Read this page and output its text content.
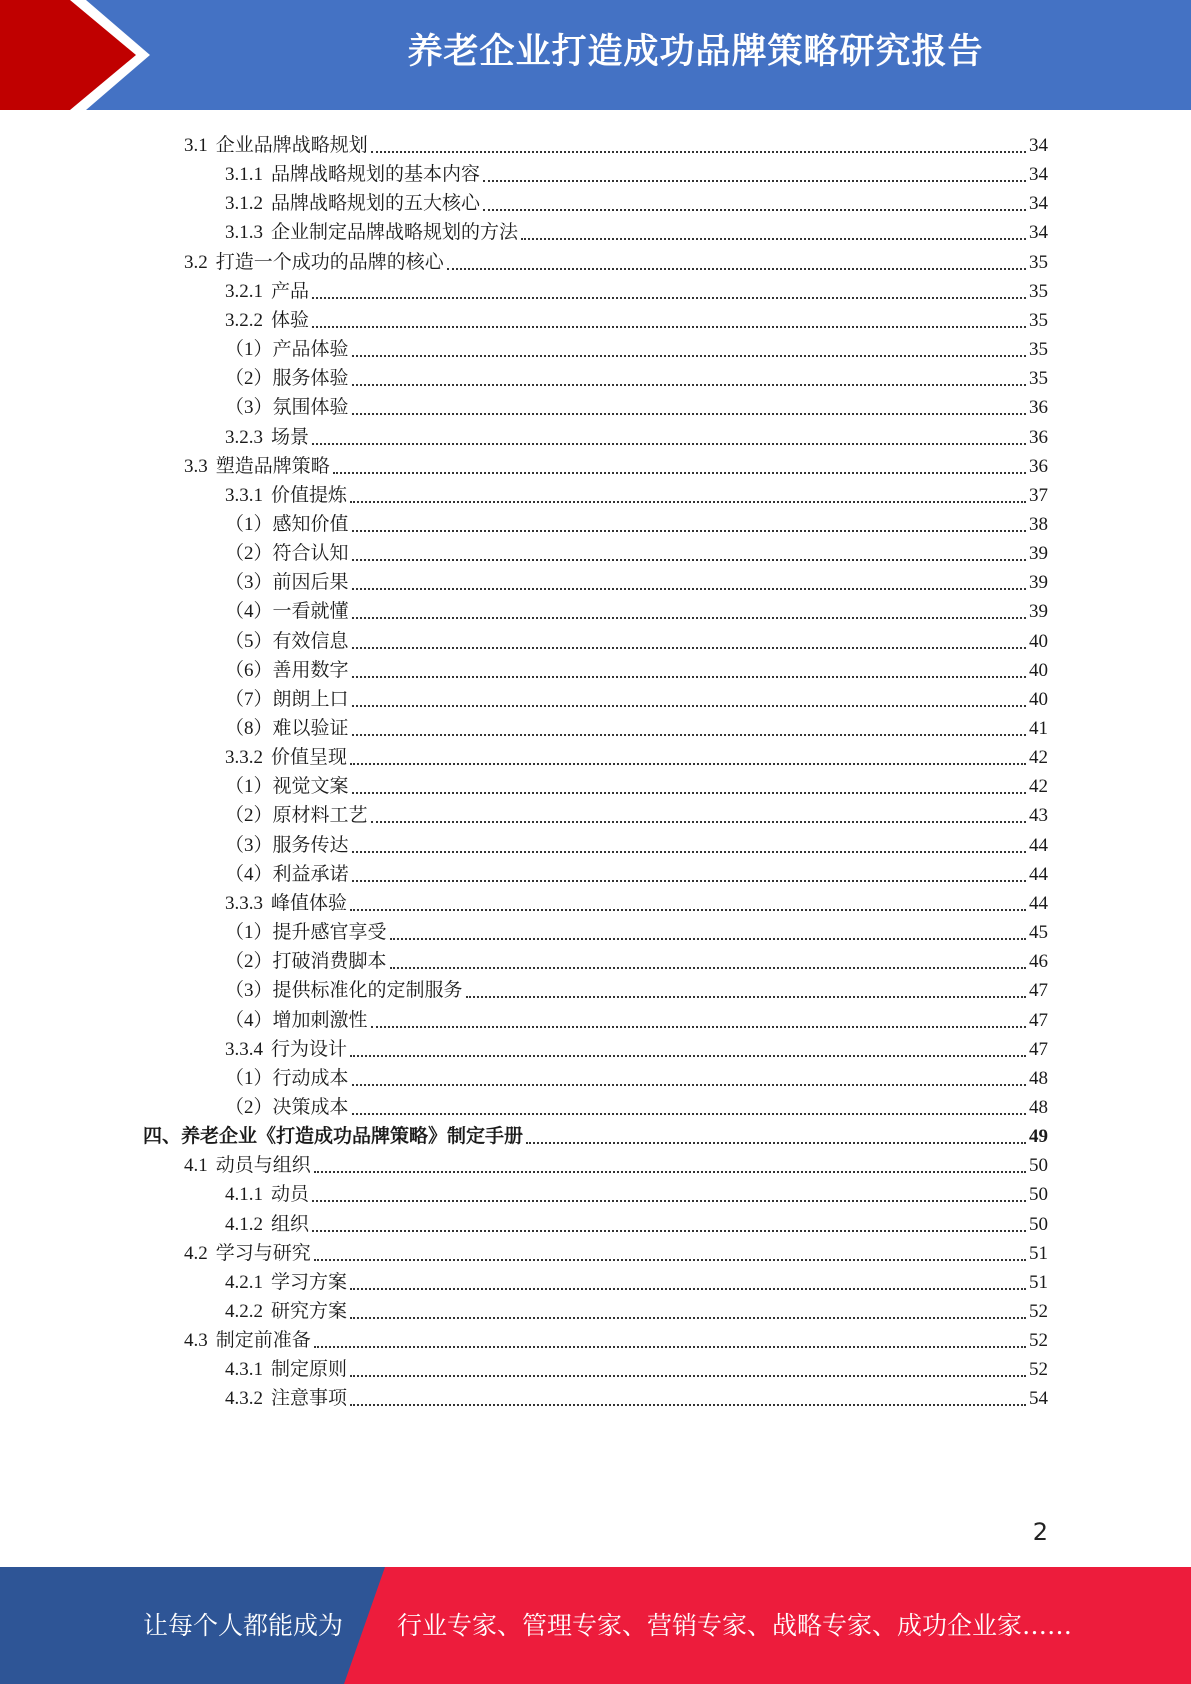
养老企业打造成功品牌策略研究报告
3.1 企业品牌战略规划	34
3.1.1 品牌战略规划的基本内容	34
3.1.2 品牌战略规划的五大核心	34
3.1.3 企业制定品牌战略规划的方法	34
3.2 打造一个成功的品牌的核心	35
3.2.1 产品	35
3.2.2 体验	35
（1） 产品体验	35
（2） 服务体验	35
（3） 氛围体验	36
3.2.3 场景	36
3.3 塑造品牌策略	36
3.3.1 价值提炼	37
（1） 感知价值	38
（2） 符合认知	39
（3） 前因后果	39
（4） 一看就懂	39
（5） 有效信息	40
（6） 善用数字	40
（7） 朗朗上口	40
（8） 难以验证	41
3.3.2 价值呈现	42
（1） 视觉文案	42
（2） 原材料工艺	43
（3） 服务传达	44
（4） 利益承诺	44
3.3.3 峰值体验	44
（1） 提升感官享受	45
（2） 打破消费脚本	46
（3） 提供标准化的定制服务	47
（4） 增加刺激性	47
3.3.4 行为设计	47
（1） 行动成本	48
（2） 决策成本	48
四、 养老企业《打造成功品牌策略》制定手册	49
4.1 动员与组织	50
4.1.1 动员	50
4.1.2 组织	50
4.2 学习与研究	51
4.2.1 学习方案	51
4.2.2 研究方案	52
4.3 制定前准备	52
4.3.1 制定原则	52
4.3.2 注意事项	54
2
让每个人都能成为 行业专家、管理专家、营销专家、战略专家、成功企业家……
